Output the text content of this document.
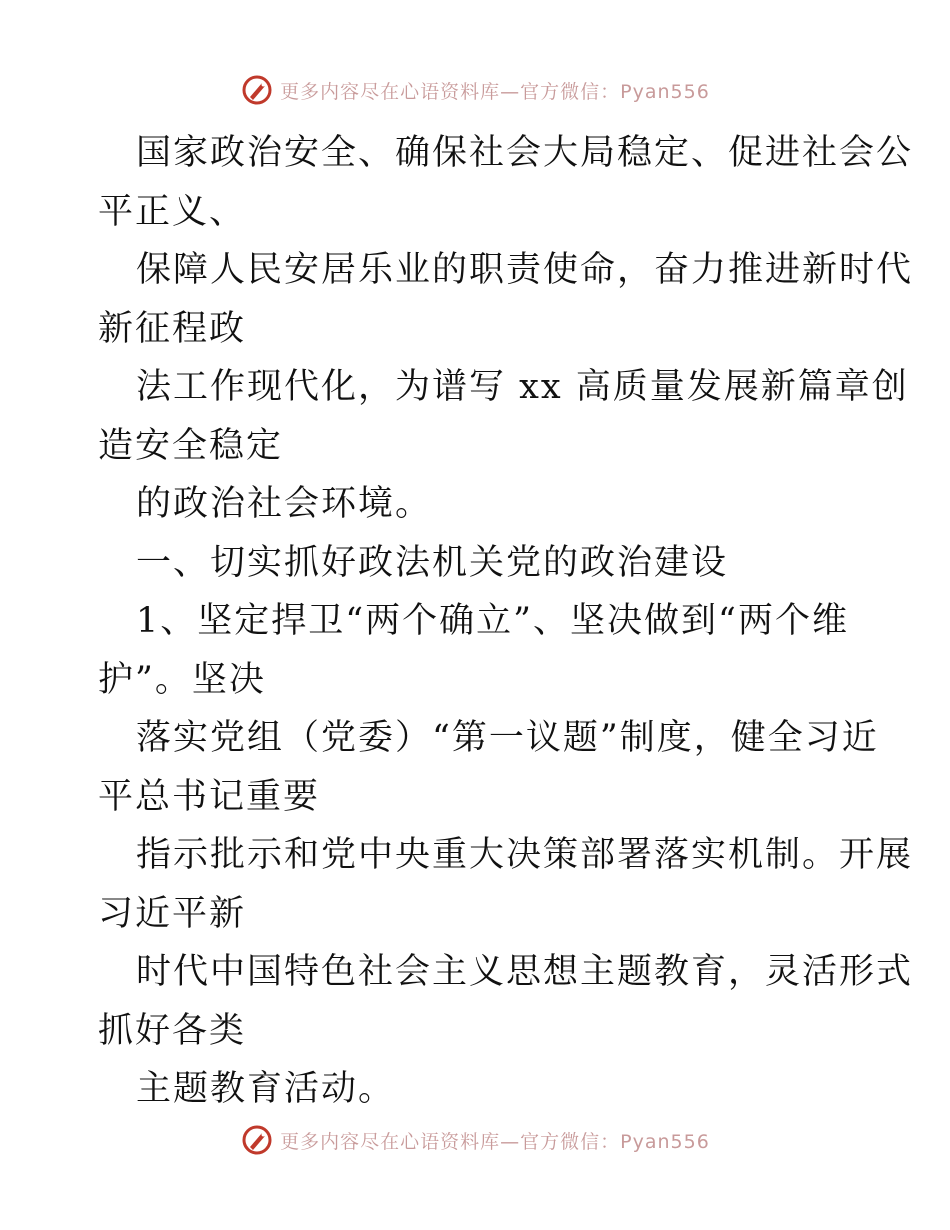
更多内容尽在心语资料库—官方微信：Pyan556
国家政治安全、确保社会大局稳定、促进社会公
平正义、
保障人民安居乐业的职责使命，奋力推进新时代
新征程政
法工作现代化，为谱写 xx 高质量发展新篇章创
造安全稳定
的政治社会环境。
一、切实抓好政法机关党的政治建设
1、坚定捍卫“两个确立”、坚决做到“两个维
护”。坚决
落实党组（党委）“第一议题”制度，健全习近
平总书记重要
指示批示和党中央重大决策部署落实机制。开展
习近平新
时代中国特色社会主义思想主题教育，灵活形式
抓好各类
主题教育活动。
更多内容尽在心语资料库—官方微信：Pyan556
